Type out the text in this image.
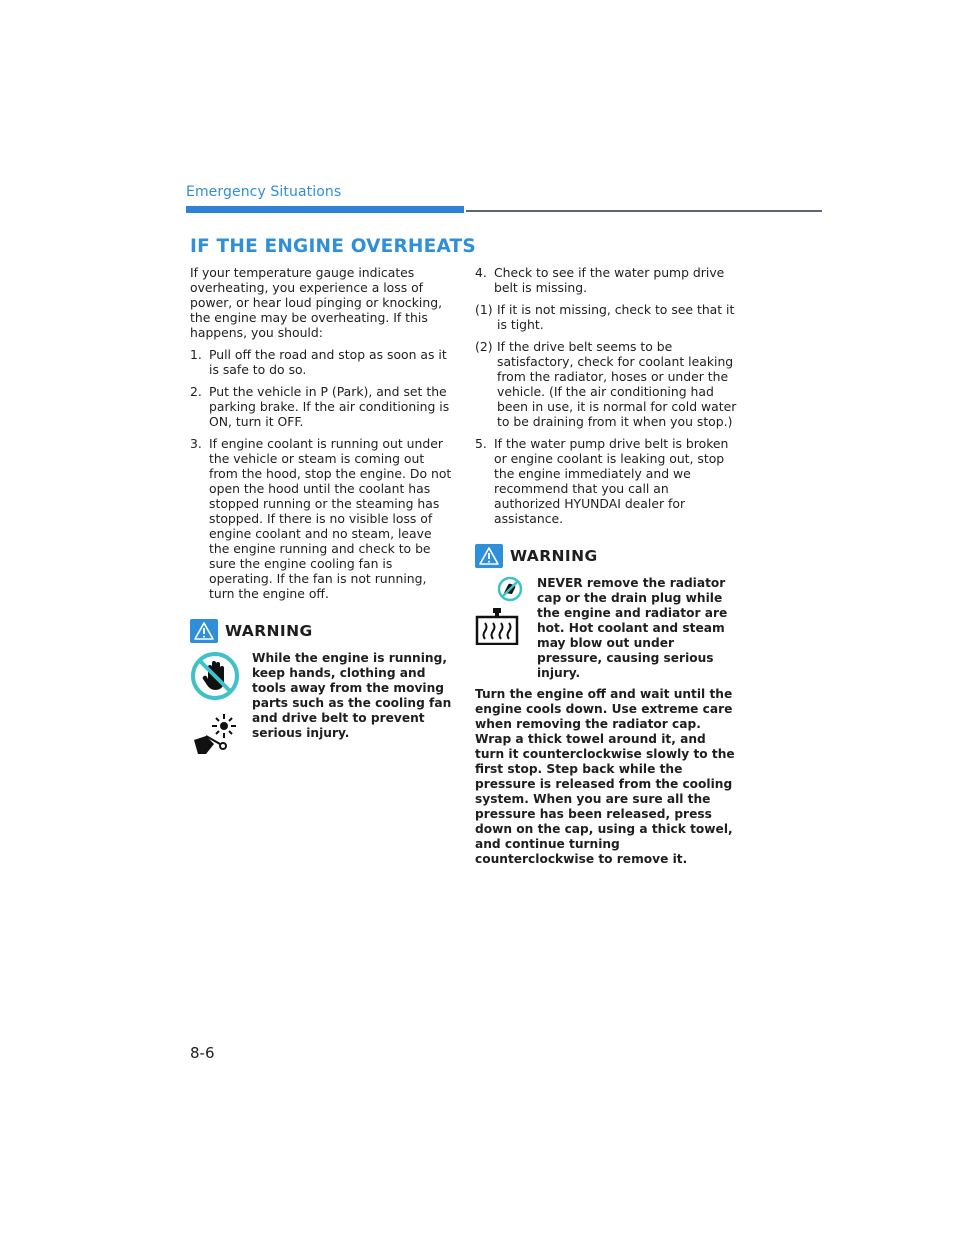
Emergency Situations
IF THE ENGINE OVERHEATS

If your temperature gauge indicates overheating, you experience a loss of power, or hear loud pinging or knocking, the engine may be overheating. If this happens, you should:

1. Pull off the road and stop as soon as it is safe to do so.
2. Put the vehicle in P (Park), and set the parking brake. If the air conditioning is ON, turn it OFF.
3. If engine coolant is running out under the vehicle or steam is coming out from the hood, stop the engine. Do not open the hood until the coolant has stopped running or the steaming has stopped. If there is no visible loss of engine coolant and no steam, leave the engine running and check to be sure the engine cooling fan is operating. If the fan is not running, turn the engine off.
WARNING
While the engine is running, keep hands, clothing and tools away from the moving parts such as the cooling fan and drive belt to prevent serious injury.
4. Check to see if the water pump drive belt is missing.
(1) If it is not missing, check to see that it is tight.
(2) If the drive belt seems to be satisfactory, check for coolant leaking from the radiator, hoses or under the vehicle. (If the air conditioning had been in use, it is normal for cold water to be draining from it when you stop.)
5. If the water pump drive belt is broken or engine coolant is leaking out, stop the engine immediately and we recommend that you call an authorized HYUNDAI dealer for assistance.
WARNING
NEVER remove the radiator cap or the drain plug while the engine and radiator are hot. Hot coolant and steam may blow out under pressure, causing serious injury.
Turn the engine off and wait until the engine cools down. Use extreme care when removing the radiator cap. Wrap a thick towel around it, and turn it counterclockwise slowly to the first stop. Step back while the pressure is released from the cooling system. When you are sure all the pressure has been released, press down on the cap, using a thick towel, and continue turning counterclockwise to remove it.
8-6
